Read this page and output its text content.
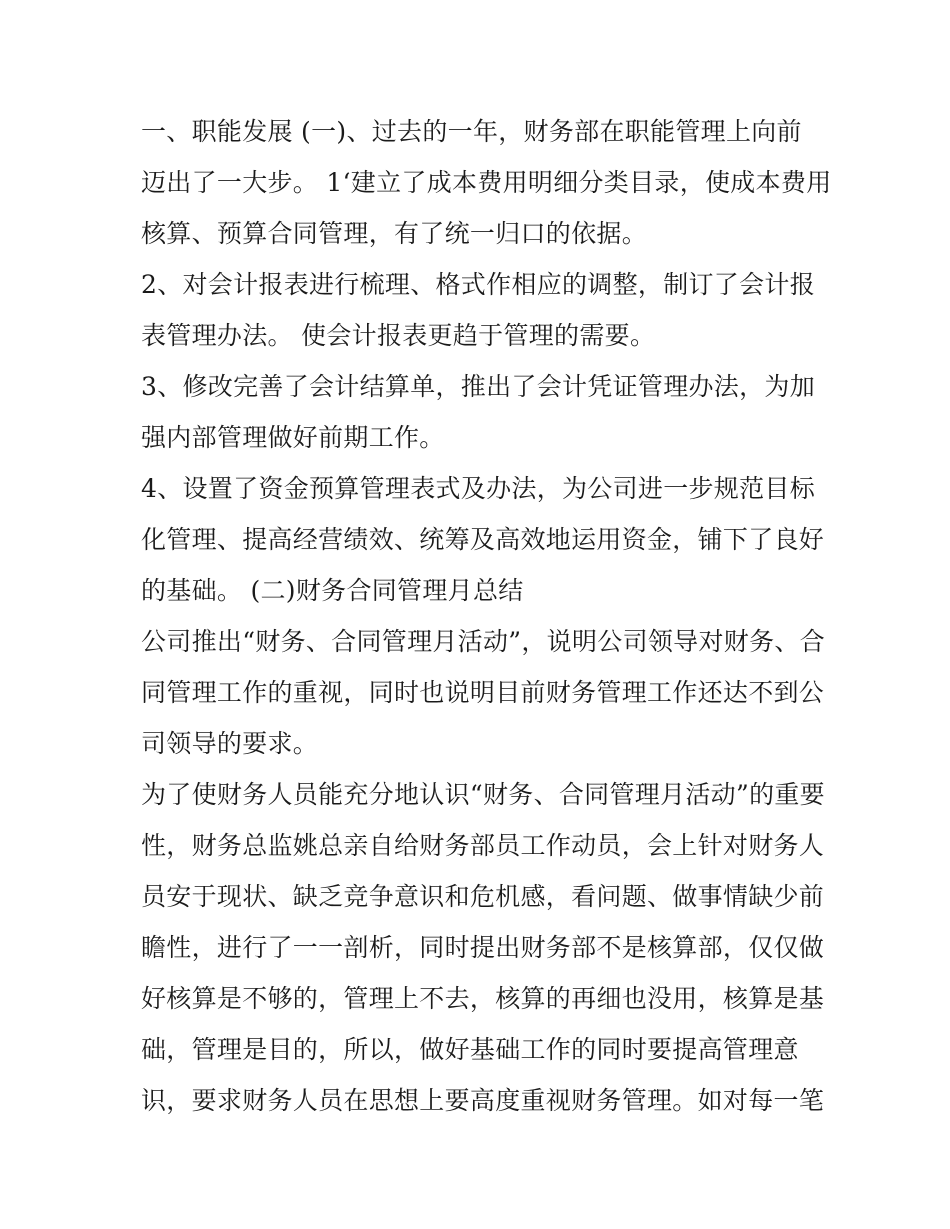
一、职能发展 (一)、过去的一年，财务部在职能管理上向前
迈出了一大步。 1‘建立了成本费用明细分类目录，使成本费用
核算、预算合同管理，有了统一归口的依据。
2、对会计报表进行梳理、格式作相应的调整，制订了会计报
表管理办法。 使会计报表更趋于管理的需要。
3、修改完善了会计结算单，推出了会计凭证管理办法，为加
强内部管理做好前期工作。
4、设置了资金预算管理表式及办法，为公司进一步规范目标
化管理、提高经营绩效、统筹及高效地运用资金，铺下了良好
的基础。 (二)财务合同管理月总结
公司推出“财务、合同管理月活动”，说明公司领导对财务、合
同管理工作的重视，同时也说明目前财务管理工作还达不到公
司领导的要求。
为了使财务人员能充分地认识“财务、合同管理月活动”的重要
性，财务总监姚总亲自给财务部员工作动员，会上针对财务人
员安于现状、缺乏竞争意识和危机感，看问题、做事情缺少前
瞻性，进行了一一剖析，同时提出财务部不是核算部，仅仅做
好核算是不够的，管理上不去，核算的再细也没用，核算是基
础，管理是目的，所以，做好基础工作的同时要提高管理意
识，要求财务人员在思想上要高度重视财务管理。如对每一笔
